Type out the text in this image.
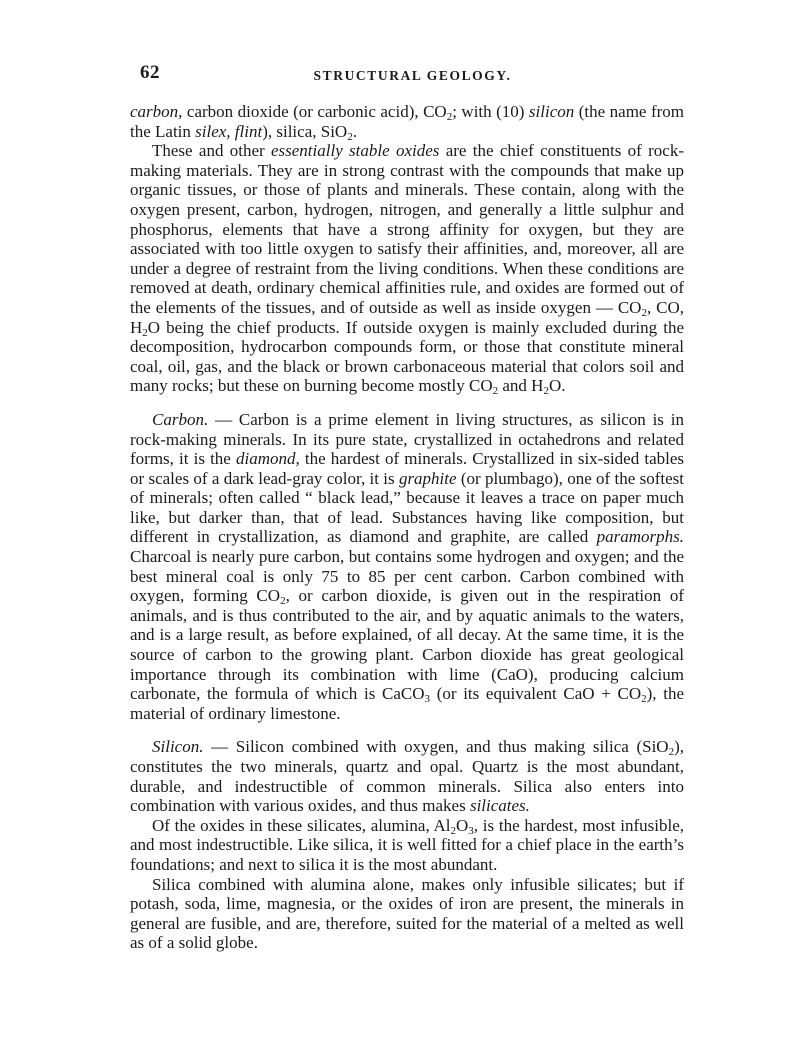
62	STRUCTURAL GEOLOGY.

carbon, carbon dioxide (or carbonic acid), $CO_2$; with (10) silicon (the name from the Latin silex, flint), silica, SiO$_2$.

These and other essentially stable oxides are the chief constituents of rock-making materials. They are in strong contrast with the compounds that make up organic tissues, or those of plants and minerals. These contain, along with the oxygen present, carbon, hydrogen, nitrogen, and generally a little sulphur and phosphorus, elements that have a strong affinity for oxygen, but they are associated with too little oxygen to satisfy their affinities, and, moreover, all are under a degree of restraint from the living conditions. When these conditions are removed at death, ordinary chemical affinities rule, and oxides are formed out of the elements of the tissues, and of outside as well as inside oxygen — $CO_2$, CO, $H_2O$ being the chief products. If outside oxygen is mainly excluded during the decomposition, hydrocarbon compounds form, or those that constitute mineral coal, oil, gas, and the black or brown carbonaceous material that colors soil and many rocks; but these on burning become mostly $CO_2$ and $H_2O$.

Carbon. — Carbon is a prime element in living structures, as silicon is in rock-making minerals. In its pure state, crystallized in octahedrons and related forms, it is the diamond, the hardest of minerals. Crystallized in six-sided tables or scales of a dark lead-gray color, it is graphite (or plumbago), one of the softest of minerals; often called “ black lead,” because it leaves a trace on paper much like, but darker than, that of lead. Substances having like composition, but different in crystallization, as diamond and graphite, are called paramorphs. Charcoal is nearly pure carbon, but contains some hydrogen and oxygen; and the best mineral coal is only 75 to 85 per cent carbon. Carbon combined with oxygen, forming $CO_2$, or carbon dioxide, is given out in the respiration of animals, and is thus contributed to the air, and by aquatic animals to the waters, and is a large result, as before explained, of all decay. At the same time, it is the source of carbon to the growing plant. Carbon dioxide has great geological importance through its combination with lime (CaO), producing calcium carbonate, the formula of which is CaCO$_3$ (or its equivalent CaO + $CO_2$), the material of ordinary limestone.

Silicon. — Silicon combined with oxygen, and thus making silica (SiO$_2$), constitutes the two minerals, quartz and opal. Quartz is the most abundant, durable, and indestructible of common minerals. Silica also enters into combination with various oxides, and thus makes silicates.

Of the oxides in these silicates, alumina, $Al_2O_3$, is the hardest, most infusible, and most indestructible. Like silica, it is well fitted for a chief place in the earth’s foundations; and next to silica it is the most abundant.

Silica combined with alumina alone, makes only infusible silicates; but if potash, soda, lime, magnesia, or the oxides of iron are present, the minerals in general are fusible, and are, therefore, suited for the material of a melted as well as of a solid globe.
